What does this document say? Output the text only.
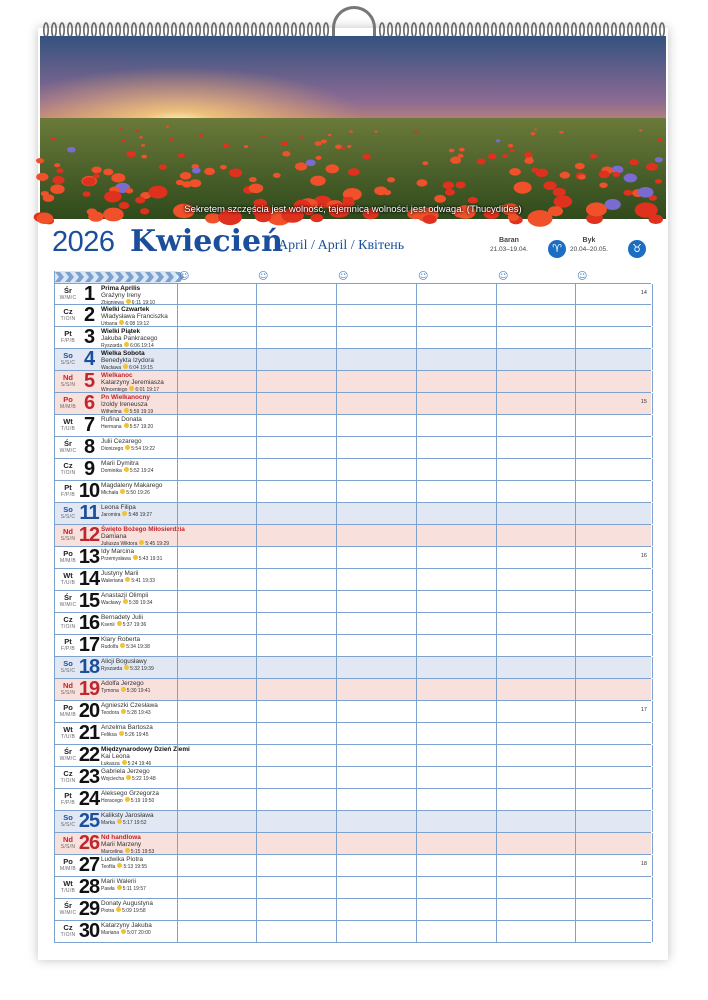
Sekretem szczęścia jest wolność, tajemnicą wolności jest odwaga. (Thucydides)
2026 Kwiecień
April / April / Квітень	Baran
21.03–19.04.	♈
Byk
20.04–20.05.	♉
☺	☺	☺	☺	☺	☺
Śr
W/M/C 1	Prima Aprilis
Grażyny Ireny
Zbigniewa 6:11 19:10
14
Cz
T/O/N 2	Wielki Czwartek
Władysława Franciszka
Urbana 6:08 19:12
Pt
F/P/B 3	Wielki Piątek
Jakuba Pankracego
Ryszarda 6:06 19:14
So
S/S/C 4	Wielka Sobota
Benedykta Izydora
Wacława 6:04 19:15
Nd
S/S/N 5	Wielkanoc
Katarzyny Jeremiasza
Wincentego 6:01 19:17
Po
M/M/B 6	Pn Wielkanocny
Izoldy Ireneusza
Wilhelma 5:59 19:19
15
Wt
T/U/B 7	Rufina Donata
Hermana 5:57 19:20
Śr
W/M/C 8	Julii Cezarego
Dionizego 5:54 19:22
Cz
T/O/N 9	Marii Dymitra
Dominika 5:52 19:24
Pt
F/P/B 10 Magdaleny Makarego
Michała 5:50 19:26
So
S/S/C 11 Leona Filipa
Jaromira 5:48 19:27
Nd
S/S/N 12 Święto Bożego Miłosierdzia
Damiana
Juliusza Wiktora 5:45 19:29
Po
M/M/B 13 Idy Marcina
Przemysława 5:43 19:31	16
Wt
T/U/B 14 Justyny Marii
Waleriana 5:41 19:33
Śr
W/M/C 15 Anastazji Olimpii
Wacławy 5:39 19:34
Cz
T/O/N 16 Bernadety Julii
Ksenii 5:37 19:36
Pt
F/P/B 17 Klary Roberta
Rudolfa 5:34 19:38
So
S/S/C 18 Alicji Bogusławy
Ryszarda 5:32 19:39
Nd
S/S/N 19 Adolfa Jerzego
Tymona 5:30 19:41
Po
M/M/B 20 Agnieszki Czesława
Teodora 5:28 19:43	17
Wt
T/U/B 21 Anzelma Bartosza
Feliksa 5:26 19:45
Śr
W/M/C 22 Międzynarodowy Dzień Ziemi
Kai Leona
Łukasza 5:24 19:46
Cz
T/O/N 23 Gabriela Jerzego
Wojciecha 5:22 19:48
Pt
F/P/B 24 Aleksego Grzegorza
Horacego 5:19 19:50
So
S/S/C 25 Kaliksty Jarosława
Marka 5:17 19:52
Nd
S/S/N 26 Nd handlowa
Marii Marzeny
Marcelina 5:15 19:53
Po
M/M/B 27 Ludwika Piotra
Teofila 5:13 19:55	18
Wt
T/U/B 28 Marii Walerii
Pawła 5:11 19:57
Śr
W/M/C 29 Donaty Augustyna
Piotra 5:09 19:58
Cz
T/O/N 30 Katarzyny Jakuba
Mariana 5:07 20:00
